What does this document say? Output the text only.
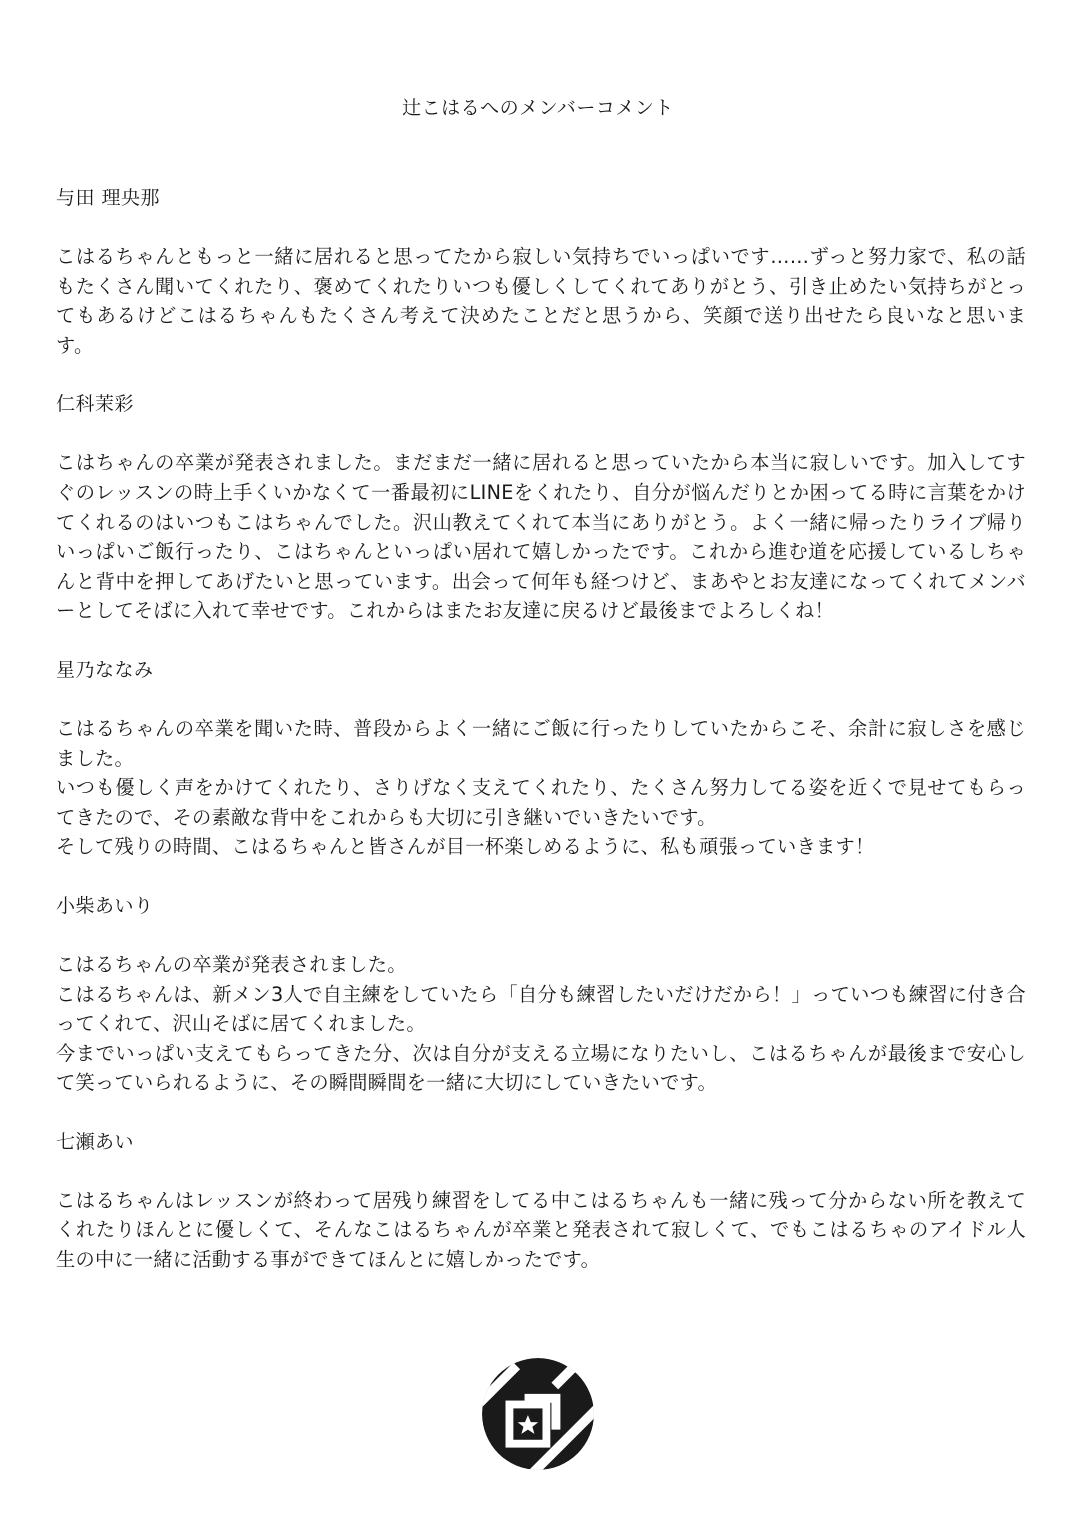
辻こはるへのメンバーコメント
与田 理央那

こはるちゃんともっと一緒に居れると思ってたから寂しい気持ちでいっぱいです……ずっと努力家で、私の話もたくさん聞いてくれたり、褒めてくれたりいつも優しくしてくれてありがとう、引き止めたい気持ちがとってもあるけどこはるちゃんもたくさん考えて決めたことだと思うから、笑顔で送り出せたら良いなと思います。

仁科茉彩

こはちゃんの卒業が発表されました。まだまだ一緒に居れると思っていたから本当に寂しいです。加入してすぐのレッスンの時上手くいかなくて一番最初にLINEをくれたり、自分が悩んだりとか困ってる時に言葉をかけてくれるのはいつもこはちゃんでした。沢山教えてくれて本当にありがとう。よく一緒に帰ったりライブ帰りいっぱいご飯行ったり、こはちゃんといっぱい居れて嬉しかったです。これから進む道を応援しているしちゃんと背中を押してあげたいと思っています。出会って何年も経つけど、まあやとお友達になってくれてメンバーとしてそばに入れて幸せです。これからはまたお友達に戻るけど最後までよろしくね！

星乃ななみ

こはるちゃんの卒業を聞いた時、普段からよく一緒にご飯に行ったりしていたからこそ、余計に寂しさを感じました。

いつも優しく声をかけてくれたり、さりげなく支えてくれたり、たくさん努力してる姿を近くで見せてもらってきたので、その素敵な背中をこれからも大切に引き継いでいきたいです。

そして残りの時間、こはるちゃんと皆さんが目一杯楽しめるように、私も頑張っていきます！

小柴あいり

こはるちゃんの卒業が発表されました。

こはるちゃんは、新メン3人で自主練をしていたら「自分も練習したいだけだから！」っていつも練習に付き合ってくれて、沢山そばに居てくれました。

今までいっぱい支えてもらってきた分、次は自分が支える立場になりたいし、こはるちゃんが最後まで安心して笑っていられるように、その瞬間瞬間を一緒に大切にしていきたいです。

七瀬あい

こはるちゃんはレッスンが終わって居残り練習をしてる中こはるちゃんも一緒に残って分からない所を教えてくれたりほんとに優しくて、そんなこはるちゃんが卒業と発表されて寂しくて、でもこはるちゃのアイドル人生の中に一緒に活動する事ができてほんとに嬉しかったです。
